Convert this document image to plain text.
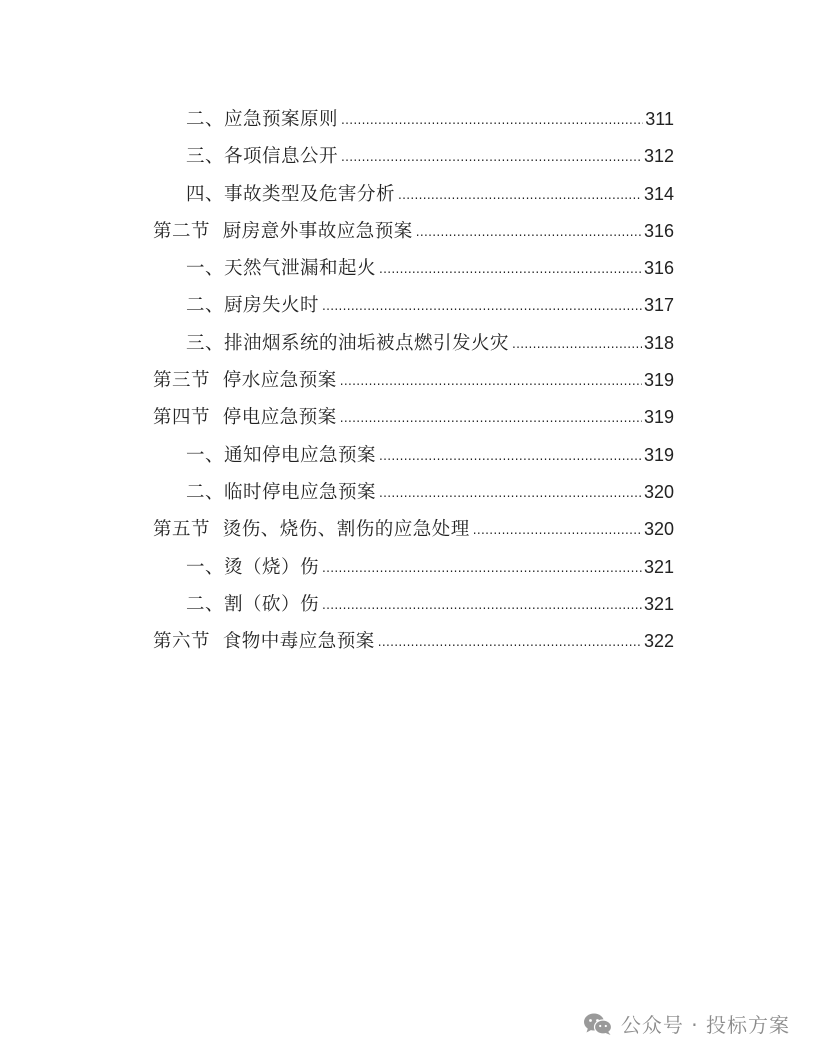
二、应急预案原则 .....	311
三、各项信息公开 .....	312
四、事故类型及危害分析 .....	314
第二节  厨房意外事故应急预案 .....	316
一、天然气泄漏和起火 .....	316
二、厨房失火时 .....	317
三、排油烟系统的油垢被点燃引发火灾 .....	318
第三节  停水应急预案 .....	319
第四节  停电应急预案 .....	319
一、通知停电应急预案 .....	319
二、临时停电应急预案 .....	320
第五节  烫伤、烧伤、割伤的应急处理 .....	320
一、烫（烧）伤 .....	321
二、割（砍）伤 .....	321
第六节  食物中毒应急预案 .....	322
公众号 · 投标方案
